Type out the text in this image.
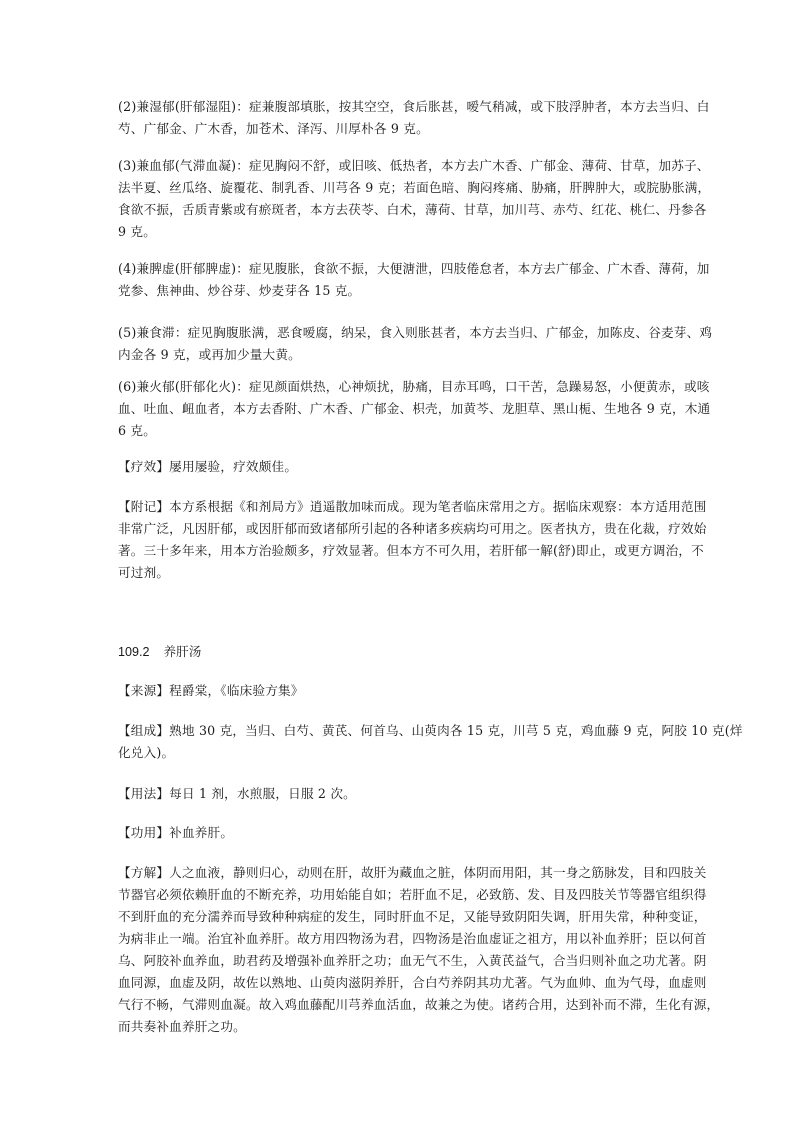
(2)兼湿郁(肝郁湿阻)：症兼腹部填胀，按其空空，食后胀甚，嗳气稍减，或下肢浮肿者，本方去当归、白
芍、广郁金、广木香，加苍术、泽泻、川厚朴各 9 克。
(3)兼血郁(气滞血凝)：症见胸闷不舒，或旧咳、低热者，本方去广木香、广郁金、薄荷、甘草，加苏子、
法半夏、丝瓜络、旋覆花、制乳香、川芎各 9 克；若面色暗、胸闷疼痛、胁痛，肝脾肿大，或脘胁胀满，
食欲不振，舌质青紫或有瘀斑者，本方去茯苓、白术，薄荷、甘草，加川芎、赤芍、红花、桃仁、丹参各
9 克。
(4)兼脾虚(肝郁脾虚)：症见腹胀，食欲不振，大便溏泄，四肢倦怠者，本方去广郁金、广木香、薄荷，加
党参、焦神曲、炒谷芽、炒麦芽各 15 克。
(5)兼食滞：症见胸腹胀满，恶食嗳腐，纳呆，食入则胀甚者，本方去当归、广郁金，加陈皮、谷麦芽、鸡
内金各 9 克，或再加少量大黄。
(6)兼火郁(肝郁化火)：症见颜面烘热，心神烦扰，胁痛，目赤耳鸣，口干苦，急躁易怒，小便黄赤，或咳
血、吐血、衄血者，本方去香附、广木香、广郁金、枳壳，加黄芩、龙胆草、黑山栀、生地各 9 克，木通
6 克。
【疗效】屡用屡验，疗效颇佳。
【附记】本方系根据《和剂局方》逍遥散加味而成。现为笔者临床常用之方。据临床观察：本方适用范围
非常广泛，凡因肝郁，或因肝郁而致诸郁所引起的各种诸多疾病均可用之。医者执方，贵在化裁，疗效始
著。三十多年来，用本方治验颇多，疗效显著。但本方不可久用，若肝郁一解(舒)即止，或更方调治，不
可过剂。
【来源】程爵棠，《临床验方集》
【组成】熟地 30 克，当归、白芍、黄芪、何首乌、山萸肉各 15 克，川芎 5 克，鸡血藤 9 克，阿胶 10 克(烊
化兑入)。
【用法】每日 1 剂，水煎服，日服 2 次。
【功用】补血养肝。
【方解】人之血液，静则归心，动则在肝，故肝为藏血之脏，体阴而用阳，其一身之筋脉发，目和四肢关
节器官必须依赖肝血的不断充养，功用始能自如；若肝血不足，必致筋、发、目及四肢关节等器官组织得
不到肝血的充分濡养而导致种种病症的发生，同时肝血不足，又能导致阴阳失调，肝用失常，种种变证，
为病非止一端。治宜补血养肝。故方用四物汤为君，四物汤是治血虚证之祖方，用以补血养肝；臣以何首
乌、阿胶补血养血，助君药及增强补血养肝之功；血无气不生，入黄芪益气，合当归则补血之功尤著。阴
血同源，血虚及阴，故佐以熟地、山萸肉滋阴养肝，合白芍养阴其功尤著。气为血帅、血为气母，血虚则
气行不畅，气滞则血凝。故入鸡血藤配川芎养血活血，故兼之为使。诸药合用，达到补而不滞，生化有源，
而共奏补血养肝之功。
109.2 养肝汤
